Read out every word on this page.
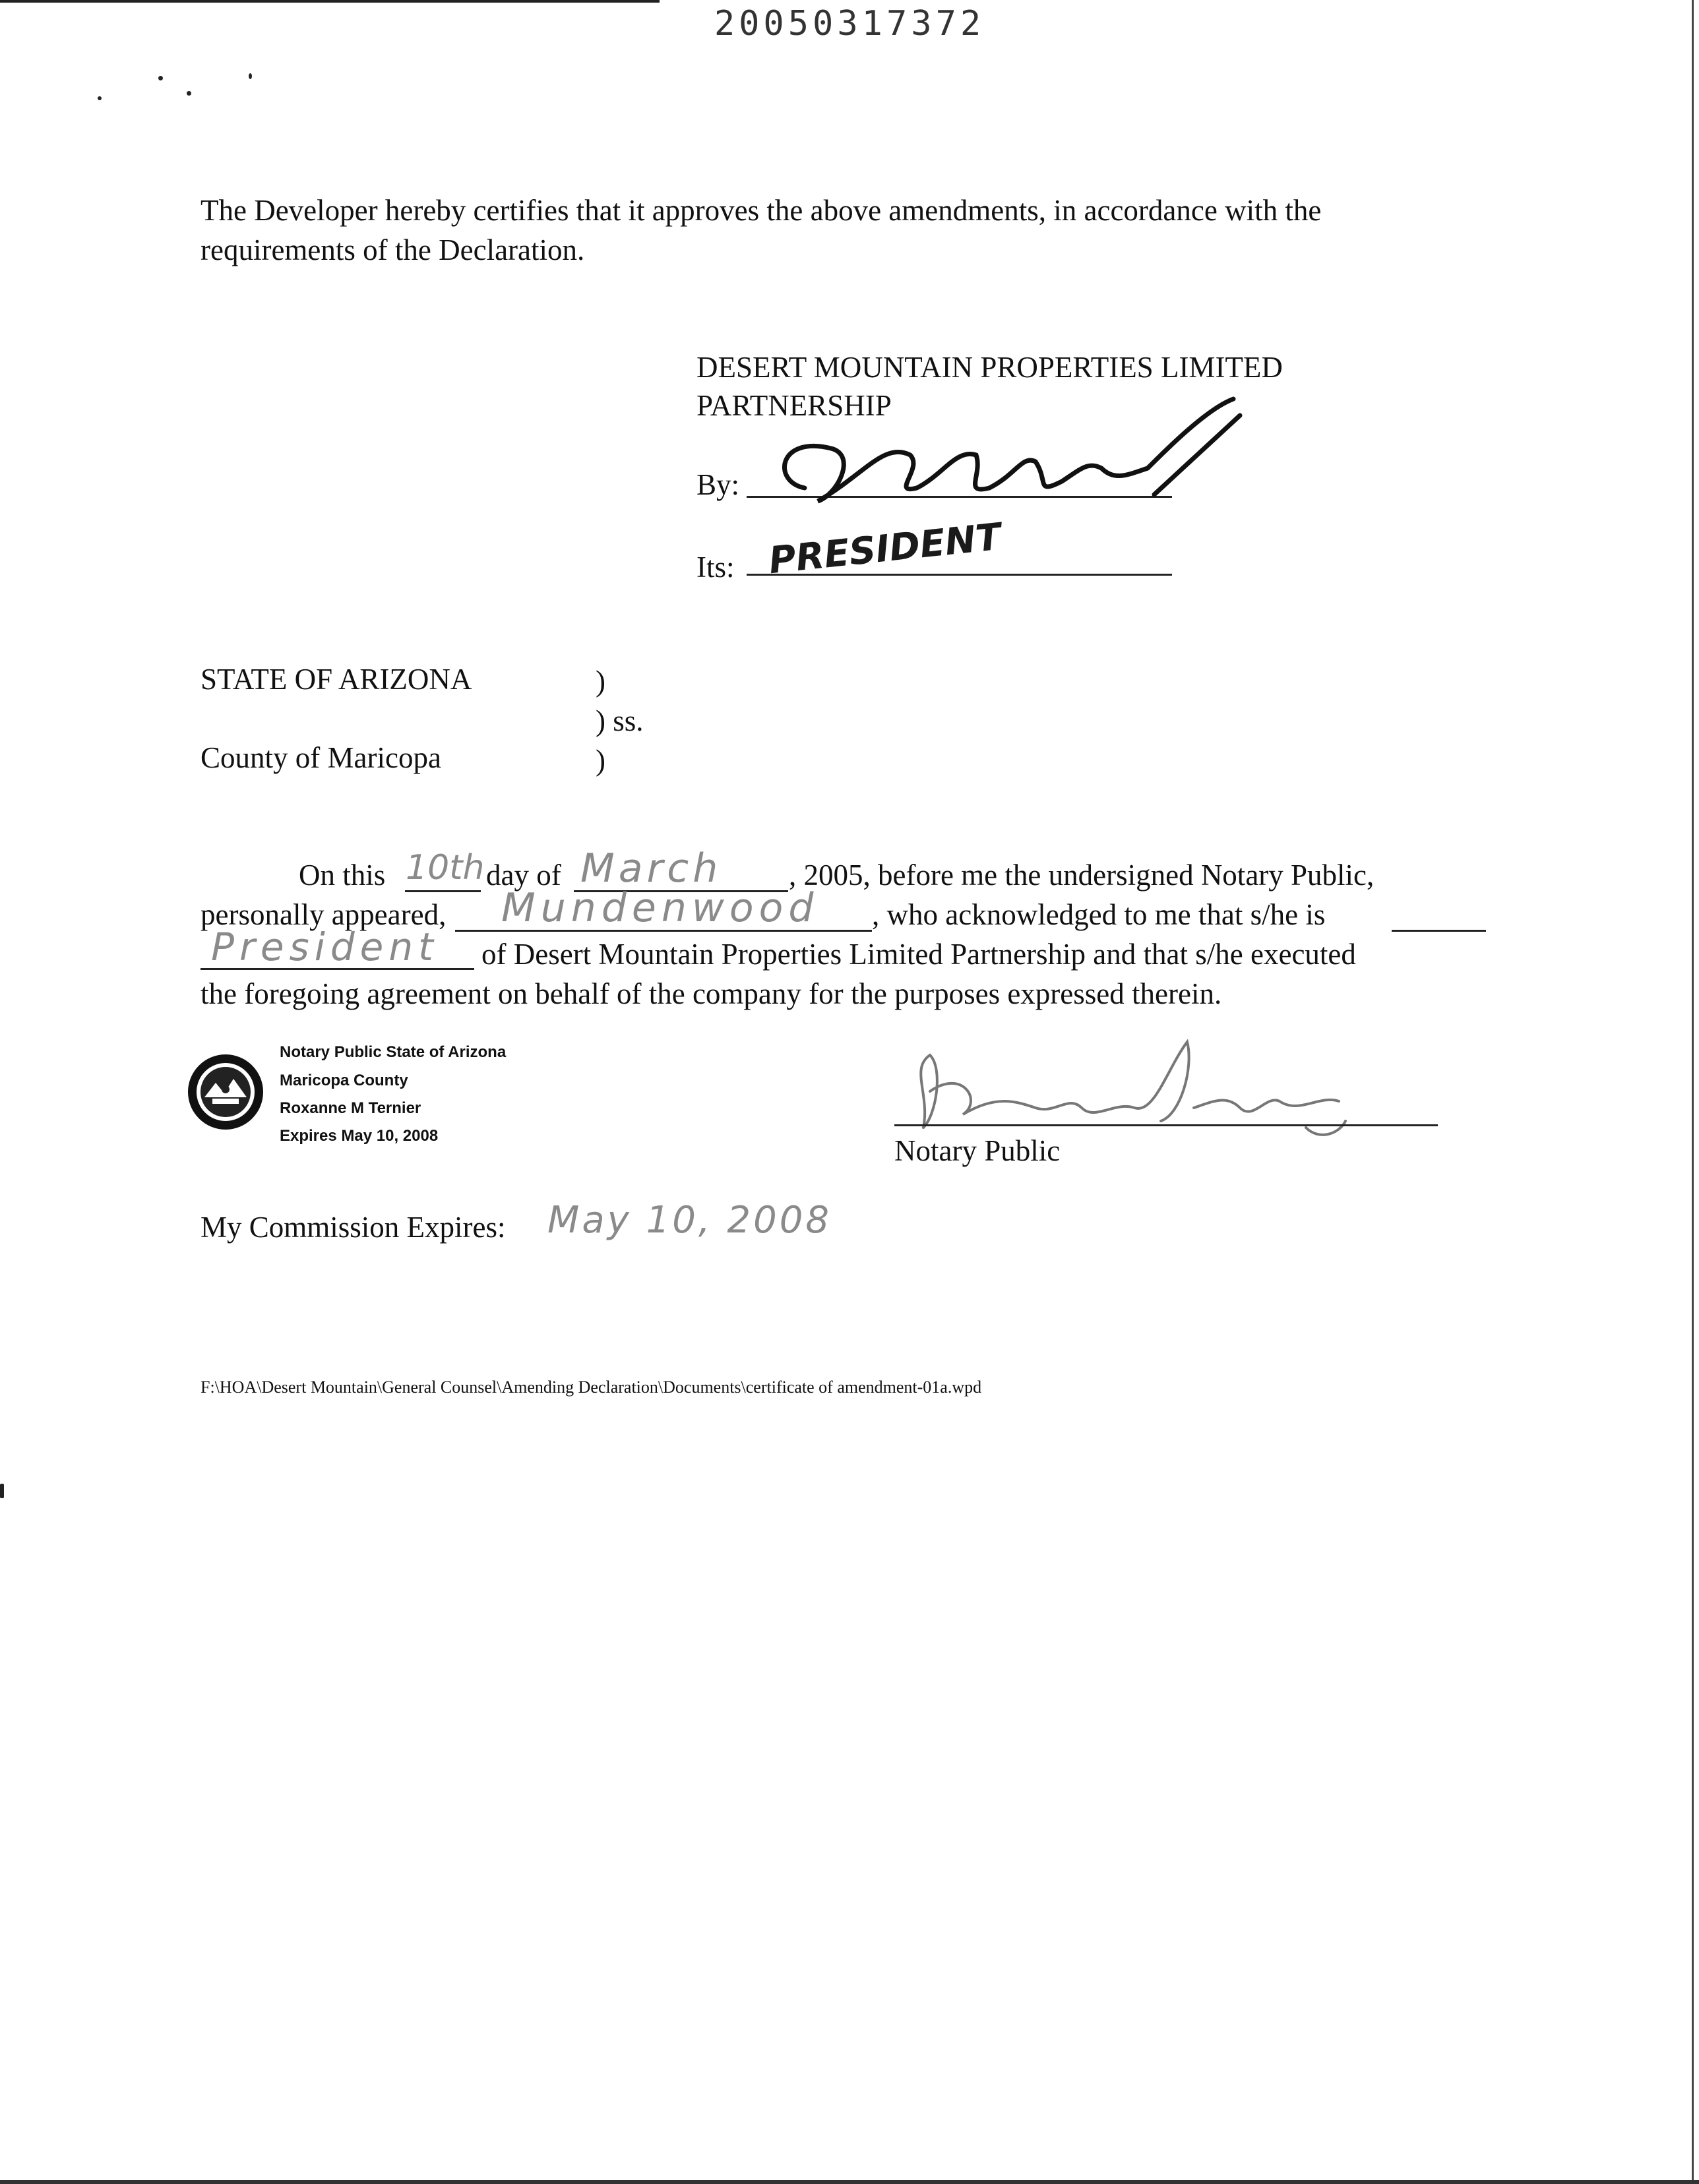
20050317372
The Developer hereby certifies that it approves the above amendments, in accordance with the
requirements of the Declaration.
DESERT MOUNTAIN PROPERTIES LIMITED
PARTNERSHIP
By:
Its: PRESIDENT
STATE OF ARIZONA	)
) ss.
County of Maricopa	)
On this 10th day of March , 2005, before me the undersigned Notary Public,
personally appeared, Mundenwood , who acknowledged to me that s/he is
President of Desert Mountain Properties Limited Partnership and that s/he executed
the foregoing agreement on behalf of the company for the purposes expressed therein.
Notary Public State of Arizona
Maricopa County
Roxanne M Ternier
Expires May 10, 2008	Notary Public
My Commission Expires: May 10, 2008
F:\HOA\Desert Mountain\General Counsel\Amending Declaration\Documents\certificate of amendment-01a.wpd
